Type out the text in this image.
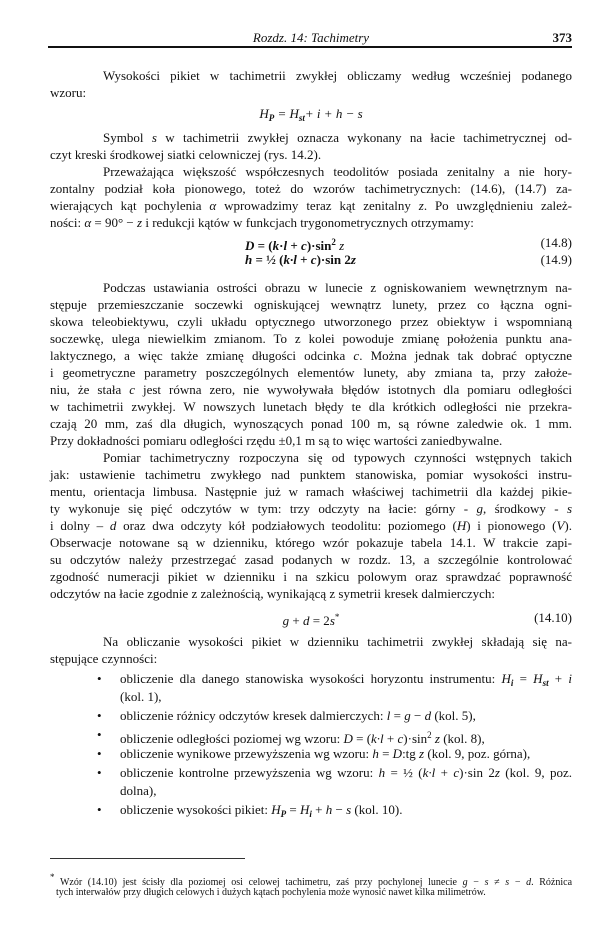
Rozdz. 14: Tachimetry	373
Wysokości pikiet w tachimetrii zwykłej obliczamy według wcześniej podanego
wzoru:
$H_P = H_{st}+ i + h - s$
Symbol s w tachimetrii zwykłej oznacza wykonany na łacie tachimetrycznej od-
czyt kreski środkowej siatki celowniczej (rys. 14.2).
Przeważająca większość współczesnych teodolitów posiada zenitalny a nie hory-
zontalny podział koła pionowego, toteż do wzorów tachimetrycznych: (14.6), (14.7) za-
wierających kąt pochylenia α wprowadzimy teraz kąt zenitalny z. Po uwzględnieniu zależ-
ności: α = 90° − z i redukcji kątów w funkcjach trygonometrycznych otrzymamy:
$D = (k\cdot l + c)\cdot\sin^2$ z	(14.8)
h = ½ (k·l + c)·sin 2z	(14.9)
Podczas ustawiania ostrości obrazu w lunecie z ogniskowaniem wewnętrznym na-
stępuje przemieszczanie soczewki ogniskującej wewnątrz lunety, przez co łączna ogni-
skowa teleobiektywu, czyli układu optycznego utworzonego przez obiektyw i wspomnianą
soczewkę, ulega niewielkim zmianom. To z kolei powoduje zmianę położenia punktu ana-
laktycznego, a więc także zmianę długości odcinka c. Można jednak tak dobrać optyczne
i geometryczne parametry poszczególnych elementów lunety, aby zmiana ta, przy założe-
niu, że stała c jest równa zero, nie wywoływała błędów istotnych dla pomiaru odległości
w tachimetrii zwykłej. W nowszych lunetach błędy te dla krótkich odległości nie przekra-
czają 20 mm, zaś dla długich, wynoszących ponad 100 m, są równe zaledwie ok. 1 mm.
Przy dokładności pomiaru odległości rzędu ±0,1 m są to więc wartości zaniedbywalne.
Pomiar tachimetryczny rozpoczyna się od typowych czynności wstępnych takich
jak: ustawienie tachimetru zwykłego nad punktem stanowiska, pomiar wysokości instru-
mentu, orientacja limbusa. Następnie już w ramach właściwej tachimetrii dla każdej pikie-
ty wykonuje się pięć odczytów w tym: trzy odczyty na łacie: górny - g, środkowy - s
i dolny – d oraz dwa odczyty kół podziałowych teodolitu: poziomego (H) i pionowego (V).
Obserwacje notowane są w dzienniku, którego wzór pokazuje tabela 14.1. W trakcie zapi-
su odczytów należy przestrzegać zasad podanych w rozdz. 13, a szczególnie kontrolować
zgodność numeracji pikiet w dzienniku i na szkicu polowym oraz sprawdzać poprawność
odczytów na łacie zgodnie z zależnością, wynikającą z symetrii kresek dalmierczych:
g + d = 2s*	(14.10)
Na obliczanie wysokości pikiet w dzienniku tachimetrii zwykłej składają się na-
stępujące czynności:
• obliczenie dla danego stanowiska wysokości horyzontu instrumentu: $H_i = H_{st} + i$
(kol. 1),
• obliczenie różnicy odczytów kresek dalmierczych: l = g − d (kol. 5),
• obliczenie odległości poziomej wg wzoru: $D = (k\cdot l + c)\cdot\sin^2$ z (kol. 8),
• obliczenie wynikowe przewyższenia wg wzoru: h = D:tg z (kol. 9, poz. górna),
• obliczenie kontrolne przewyższenia wg wzoru: h = ½ (k·l + c)·sin 2z (kol. 9, poz.
dolna),
• obliczenie wysokości pikiet: $H_P = H_i + h - s$ (kol. 10).
* Wzór (14.10) jest ścisły dla poziomej osi celowej tachimetru, zaś przy pochylonej lunecie g − s ≠ s − d. Różnica
tych interwałów przy długich celowych i dużych kątach pochylenia może wynosić nawet kilka milimetrów.
